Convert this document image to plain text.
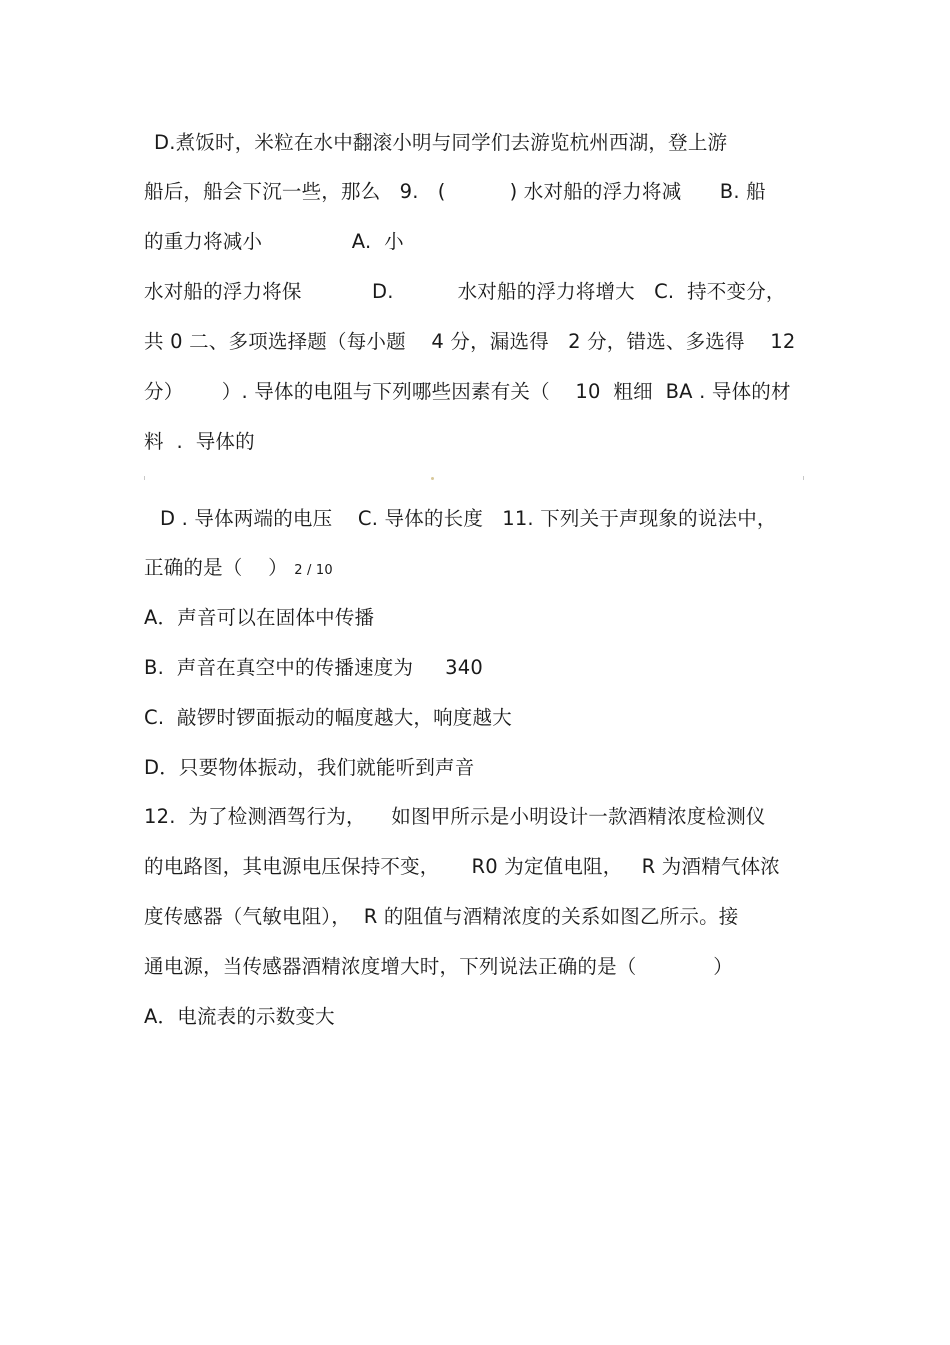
D.煮饭时，米粒在水中翻滚小明与同学们去游览杭州西湖，登上游
船后，船会下沉一些，那么   9.   (          ) 水对船的浮力将减      B. 船
的重力将减小              A.  小
水对船的浮力将保           D.          水对船的浮力将增大   C.  持不变分，
共 0 二、多项选择题（每小题    4 分，漏选得   2 分，错选、多选得    12
分）      ）. 导体的电阻与下列哪些因素有关（    10  粗细  BA . 导体的材
料  .  导体的
D . 导体两端的电压    C. 导体的长度   11. 下列关于声现象的说法中，
正确的是（    ） 2 / 10
A．声音可以在固体中传播
B.  声音在真空中的传播速度为     340
C.  敲锣时锣面振动的幅度越大，响度越大
D．只要物体振动，我们就能听到声音
12.  为了检测酒驾行为，    如图甲所示是小明设计一款酒精浓度检测仪
的电路图，其电源电压保持不变，     R0 为定值电阻，   R 为酒精气体浓
度传感器（气敏电阻），  R 的阻值与酒精浓度的关系如图乙所示。接
通电源，当传感器酒精浓度增大时，下列说法正确的是（            ）
A．电流表的示数变大
